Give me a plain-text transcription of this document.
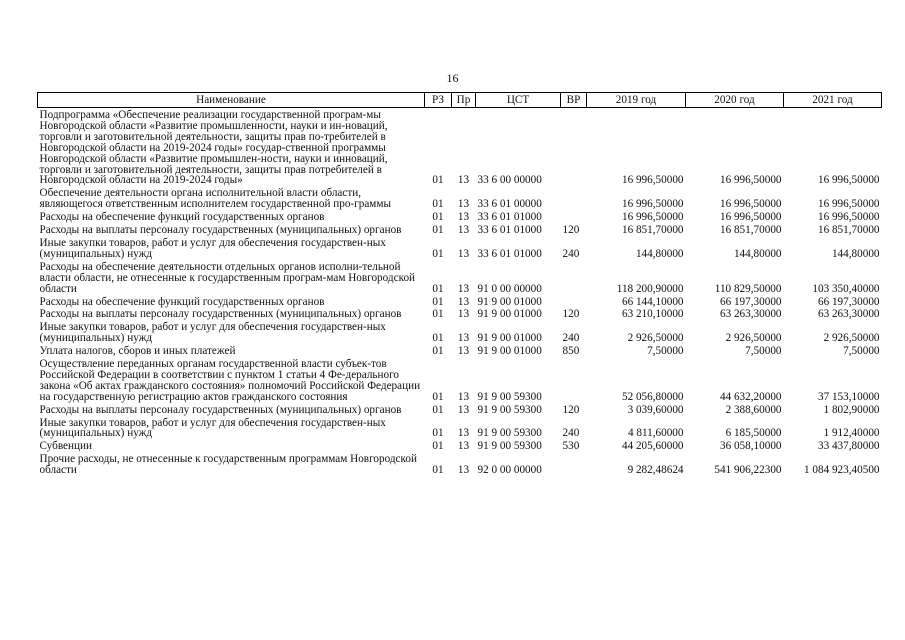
16
Наименование	РЗ	Пр	ЦСТ	ВР	2019 год	2020 год	2021 год
Подпрограмма «Обеспечение реализации государственной програм-мы Новгородской области «Развитие промышленности, науки и ин-новаций, торговли и заготовительной деятельности, защиты прав по-требителей в Новгородской области на 2019-2024 годы» государ-ственной программы Новгородской области «Развитие промышлен-ности, науки и инноваций, торговли и заготовительной деятельности, защиты прав потребителей в Новгородской области на 2019-2024 годы»	01	13	33 6 00 00000		16 996,50000	16 996,50000	16 996,50000
Обеспечение деятельности органа исполнительной власти области, являющегося ответственным исполнителем государственной про-граммы	01	13	33 6 01 00000		16 996,50000	16 996,50000	16 996,50000
Расходы на обеспечение функций государственных органов	01	13	33 6 01 01000		16 996,50000	16 996,50000	16 996,50000
Расходы на выплаты персоналу государственных (муниципальных) органов	01	13	33 6 01 01000	120	16 851,70000	16 851,70000	16 851,70000
Иные закупки товаров, работ и услуг для обеспечения государствен-ных (муниципальных) нужд	01	13	33 6 01 01000	240	144,80000	144,80000	144,80000
Расходы на обеспечение деятельности отдельных органов исполни-тельной власти области, не отнесенные к государственным програм-мам Новгородской области	01	13	91 0 00 00000		118 200,90000	110 829,50000	103 350,40000
Расходы на обеспечение функций государственных органов	01	13	91 9 00 01000		66 144,10000	66 197,30000	66 197,30000
Расходы на выплаты персоналу государственных (муниципальных) органов	01	13	91 9 00 01000	120	63 210,10000	63 263,30000	63 263,30000
Иные закупки товаров, работ и услуг для обеспечения государствен-ных (муниципальных) нужд	01	13	91 9 00 01000	240	2 926,50000	2 926,50000	2 926,50000
Уплата налогов, сборов и иных платежей	01	13	91 9 00 01000	850	7,50000	7,50000	7,50000
Осуществление переданных органам государственной власти субъек-тов Российской Федерации в соответствии с пунктом 1 статьи 4 Фе-дерального закона «Об актах гражданского состояния» полномочий Российской Федерации на государственную регистрацию актов гражданского состояния	01	13	91 9 00 59300		52 056,80000	44 632,20000	37 153,10000
Расходы на выплаты персоналу государственных (муниципальных) органов	01	13	91 9 00 59300	120	3 039,60000	2 388,60000	1 802,90000
Иные закупки товаров, работ и услуг для обеспечения государствен-ных (муниципальных) нужд	01	13	91 9 00 59300	240	4 811,60000	6 185,50000	1 912,40000
Субвенции	01	13	91 9 00 59300	530	44 205,60000	36 058,10000	33 437,80000
Прочие расходы, не отнесенные к государственным программам Новгородской области	01	13	92 0 00 00000		9 282,48624	541 906,22300	1 084 923,40500
